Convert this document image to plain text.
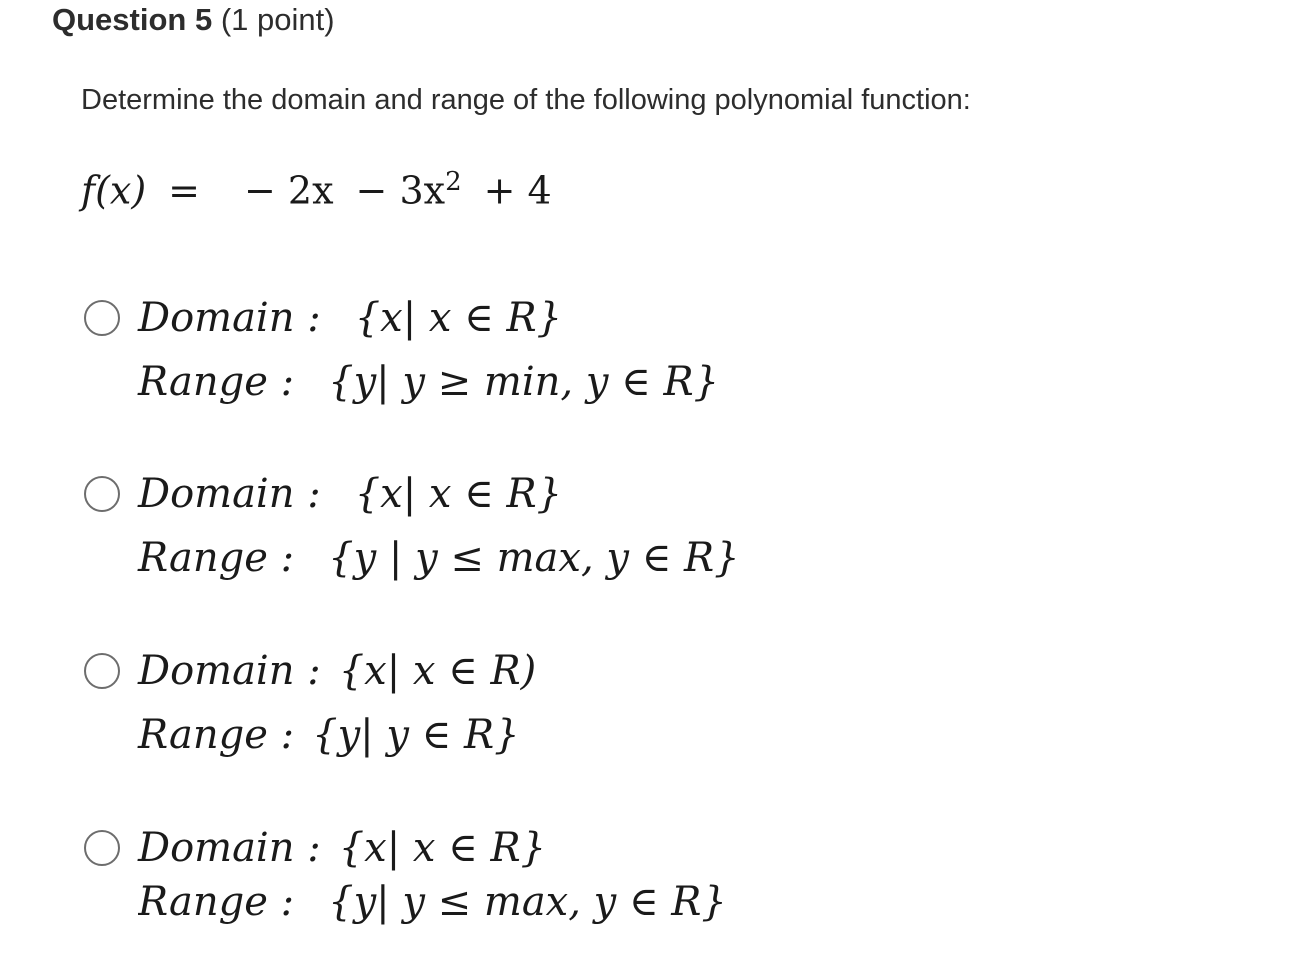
Question 5 (1 point)
Determine the domain and range of the following polynomial function:
f(x) = − $2x - 3x^2 + 4$
Domain : {x| x ∈ R}
Range : {y| y ≥ min, y ∈ R}
Domain : {x| x ∈ R}
Range : {y | y ≤ max, y ∈ R}
Domain : {x| x ∈ R)
Range : {y| y ∈ R}
Domain : {x| x ∈ R}
Range : {y| y ≤ max, y ∈ R}
